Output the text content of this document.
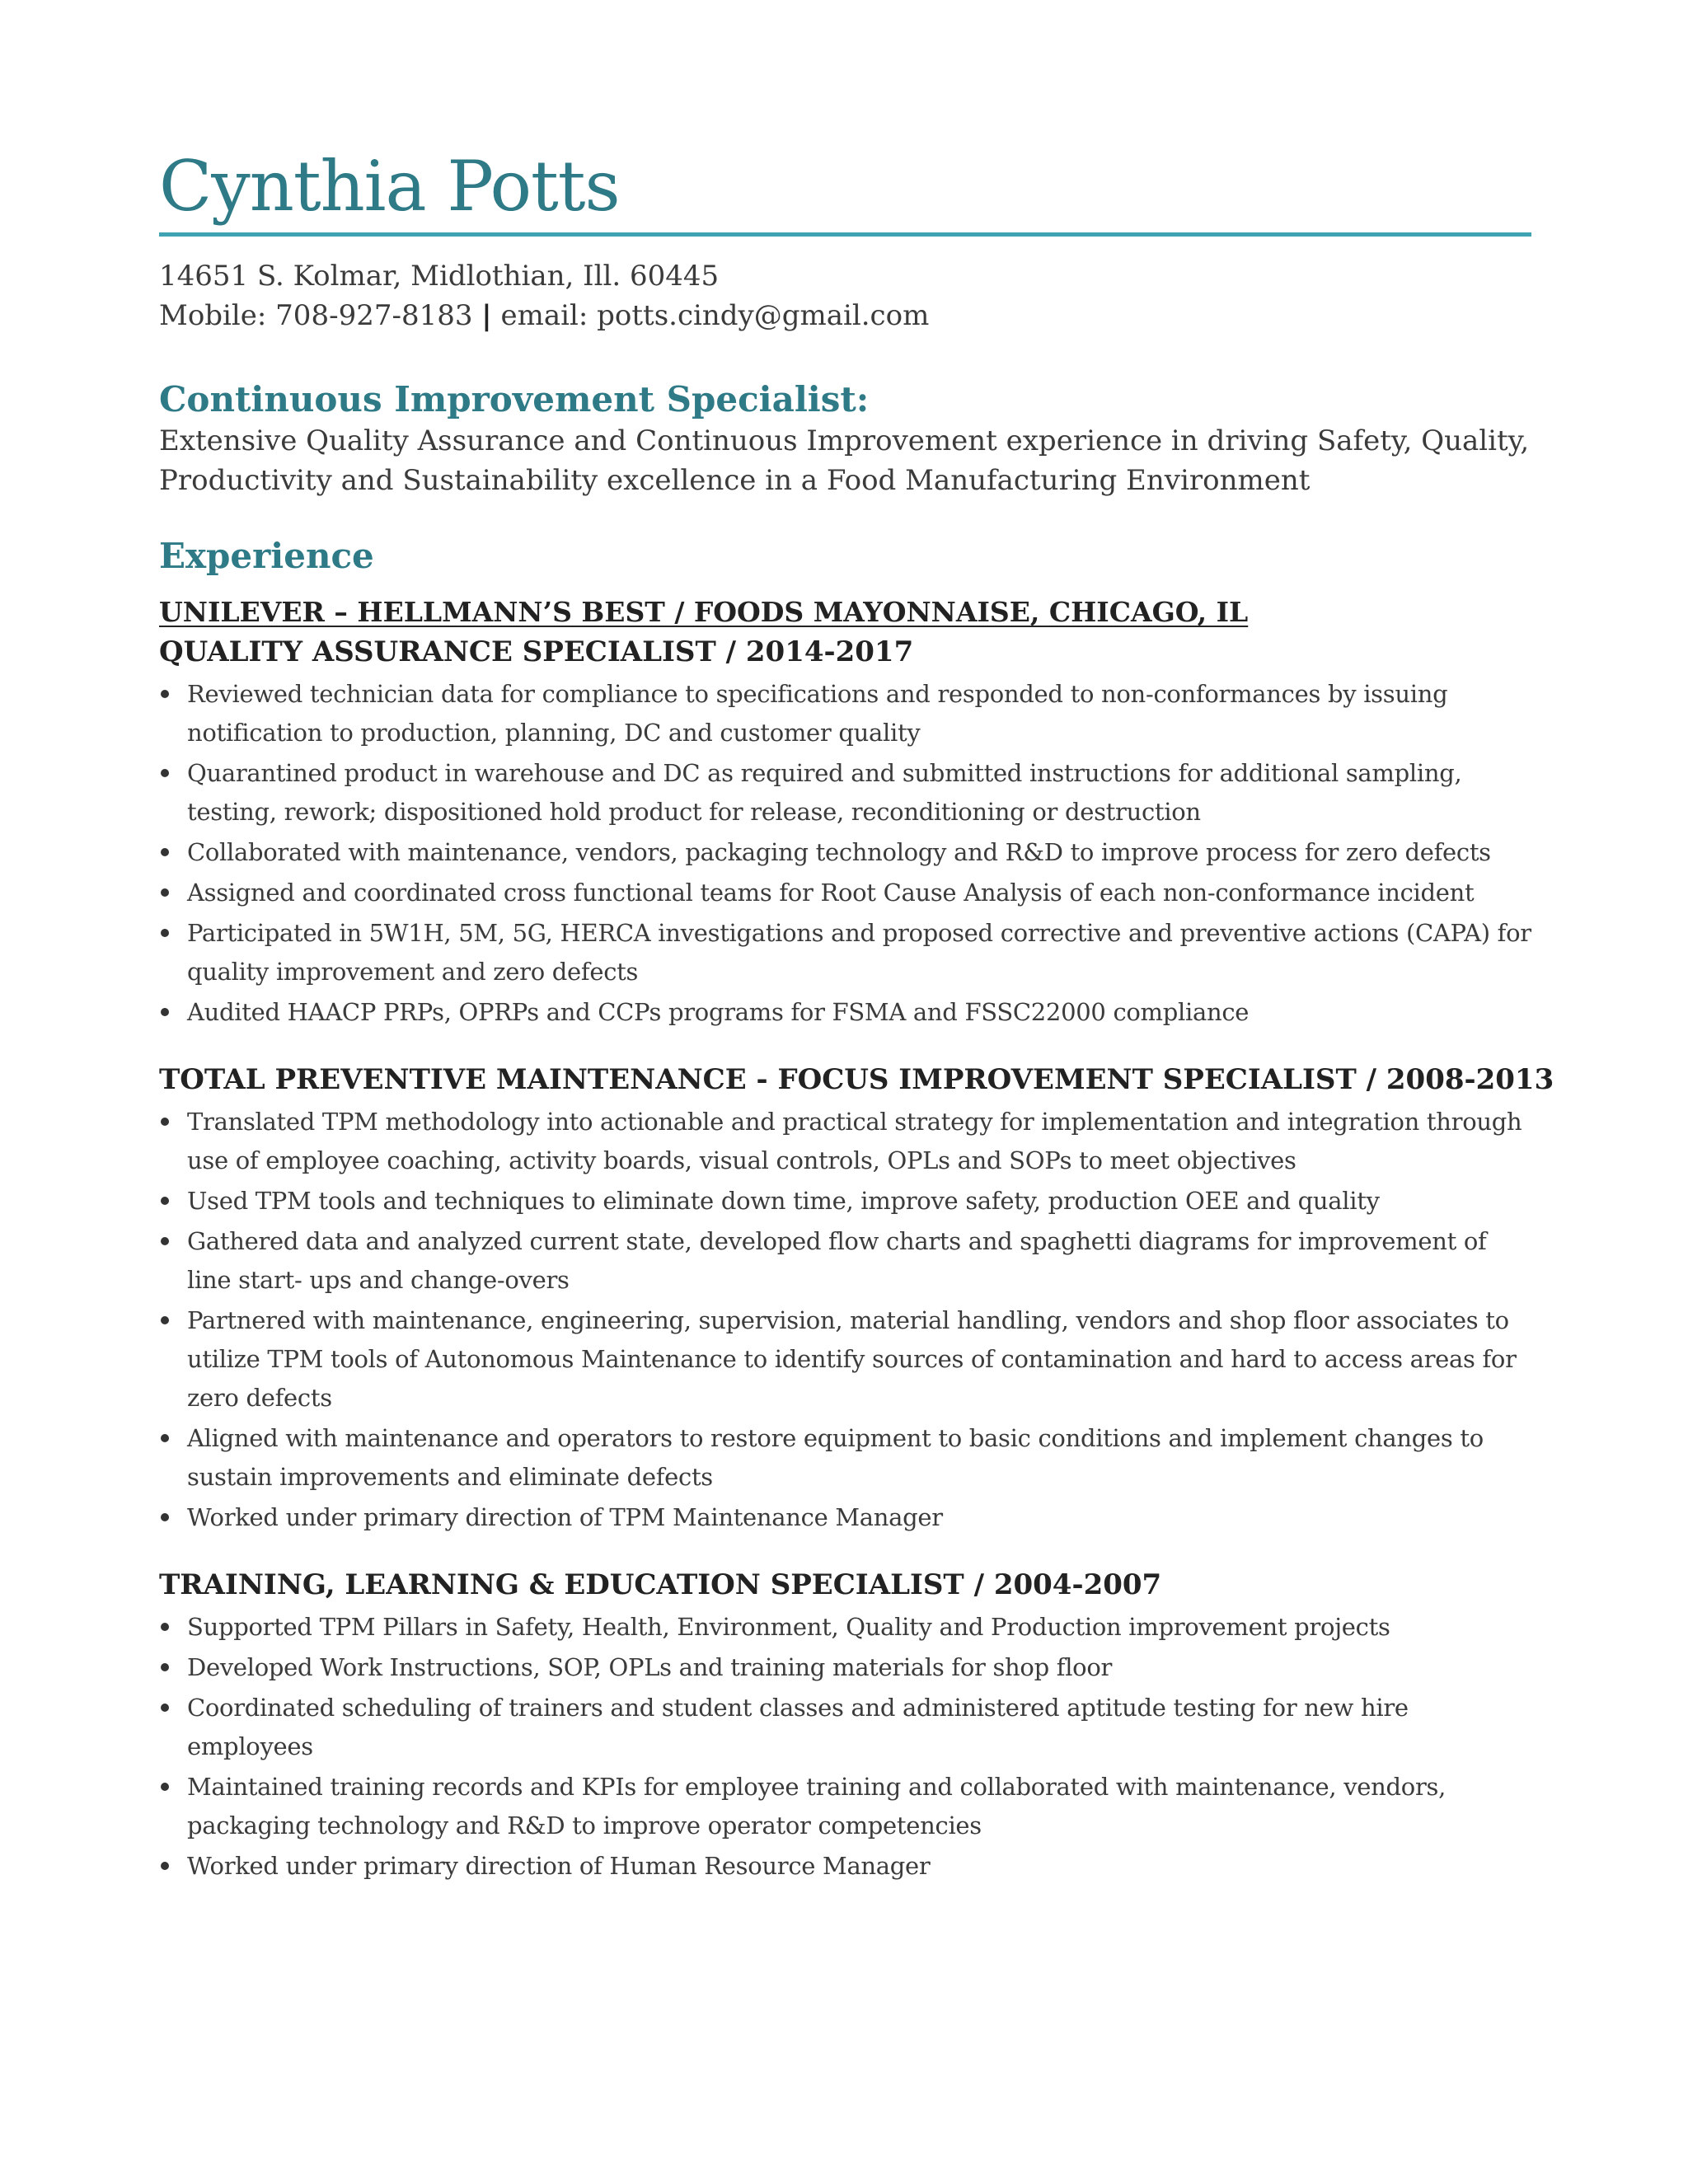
Cynthia Potts
14651 S. Kolmar, Midlothian, Ill. 60445
Mobile: 708-927-8183 | email: potts.cindy@gmail.com
Continuous Improvement Specialist:

Extensive Quality Assurance and Continuous Improvement experience in driving Safety, Quality, Productivity and Sustainability excellence in a Food Manufacturing Environment

Experience
UNILEVER – HELLMANN’S BEST / FOODS MAYONNAISE, CHICAGO, IL
QUALITY ASSURANCE SPECIALIST / 2014-2017
Reviewed technician data for compliance to specifications and responded to non-conformances by issuing notification to production, planning, DC and customer quality
Quarantined product in warehouse and DC as required and submitted instructions for additional sampling, testing, rework; dispositioned hold product for release, reconditioning or destruction
Collaborated with maintenance, vendors, packaging technology and R&D to improve process for zero defects
Assigned and coordinated cross functional teams for Root Cause Analysis of each non-conformance incident
Participated in 5W1H, 5M, 5G, HERCA investigations and proposed corrective and preventive actions (CAPA) for quality improvement and zero defects
Audited HAACP PRPs, OPRPs and CCPs programs for FSMA and FSSC22000 compliance
TOTAL PREVENTIVE MAINTENANCE - FOCUS IMPROVEMENT SPECIALIST / 2008-2013
Translated TPM methodology into actionable and practical strategy for implementation and integration through use of employee coaching, activity boards, visual controls, OPLs and SOPs to meet objectives
Used TPM tools and techniques to eliminate down time, improve safety, production OEE and quality
Gathered data and analyzed current state, developed flow charts and spaghetti diagrams for improvement of line start- ups and change-overs
Partnered with maintenance, engineering, supervision, material handling, vendors and shop floor associates to utilize TPM tools of Autonomous Maintenance to identify sources of contamination and hard to access areas for zero defects
Aligned with maintenance and operators to restore equipment to basic conditions and implement changes to sustain improvements and eliminate defects
Worked under primary direction of TPM Maintenance Manager
TRAINING, LEARNING & EDUCATION SPECIALIST / 2004-2007
Supported TPM Pillars in Safety, Health, Environment, Quality and Production improvement projects
Developed Work Instructions, SOP, OPLs and training materials for shop floor
Coordinated scheduling of trainers and student classes and administered aptitude testing for new hire employees
Maintained training records and KPIs for employee training and collaborated with maintenance, vendors, packaging technology and R&D to improve operator competencies
Worked under primary direction of Human Resource Manager
